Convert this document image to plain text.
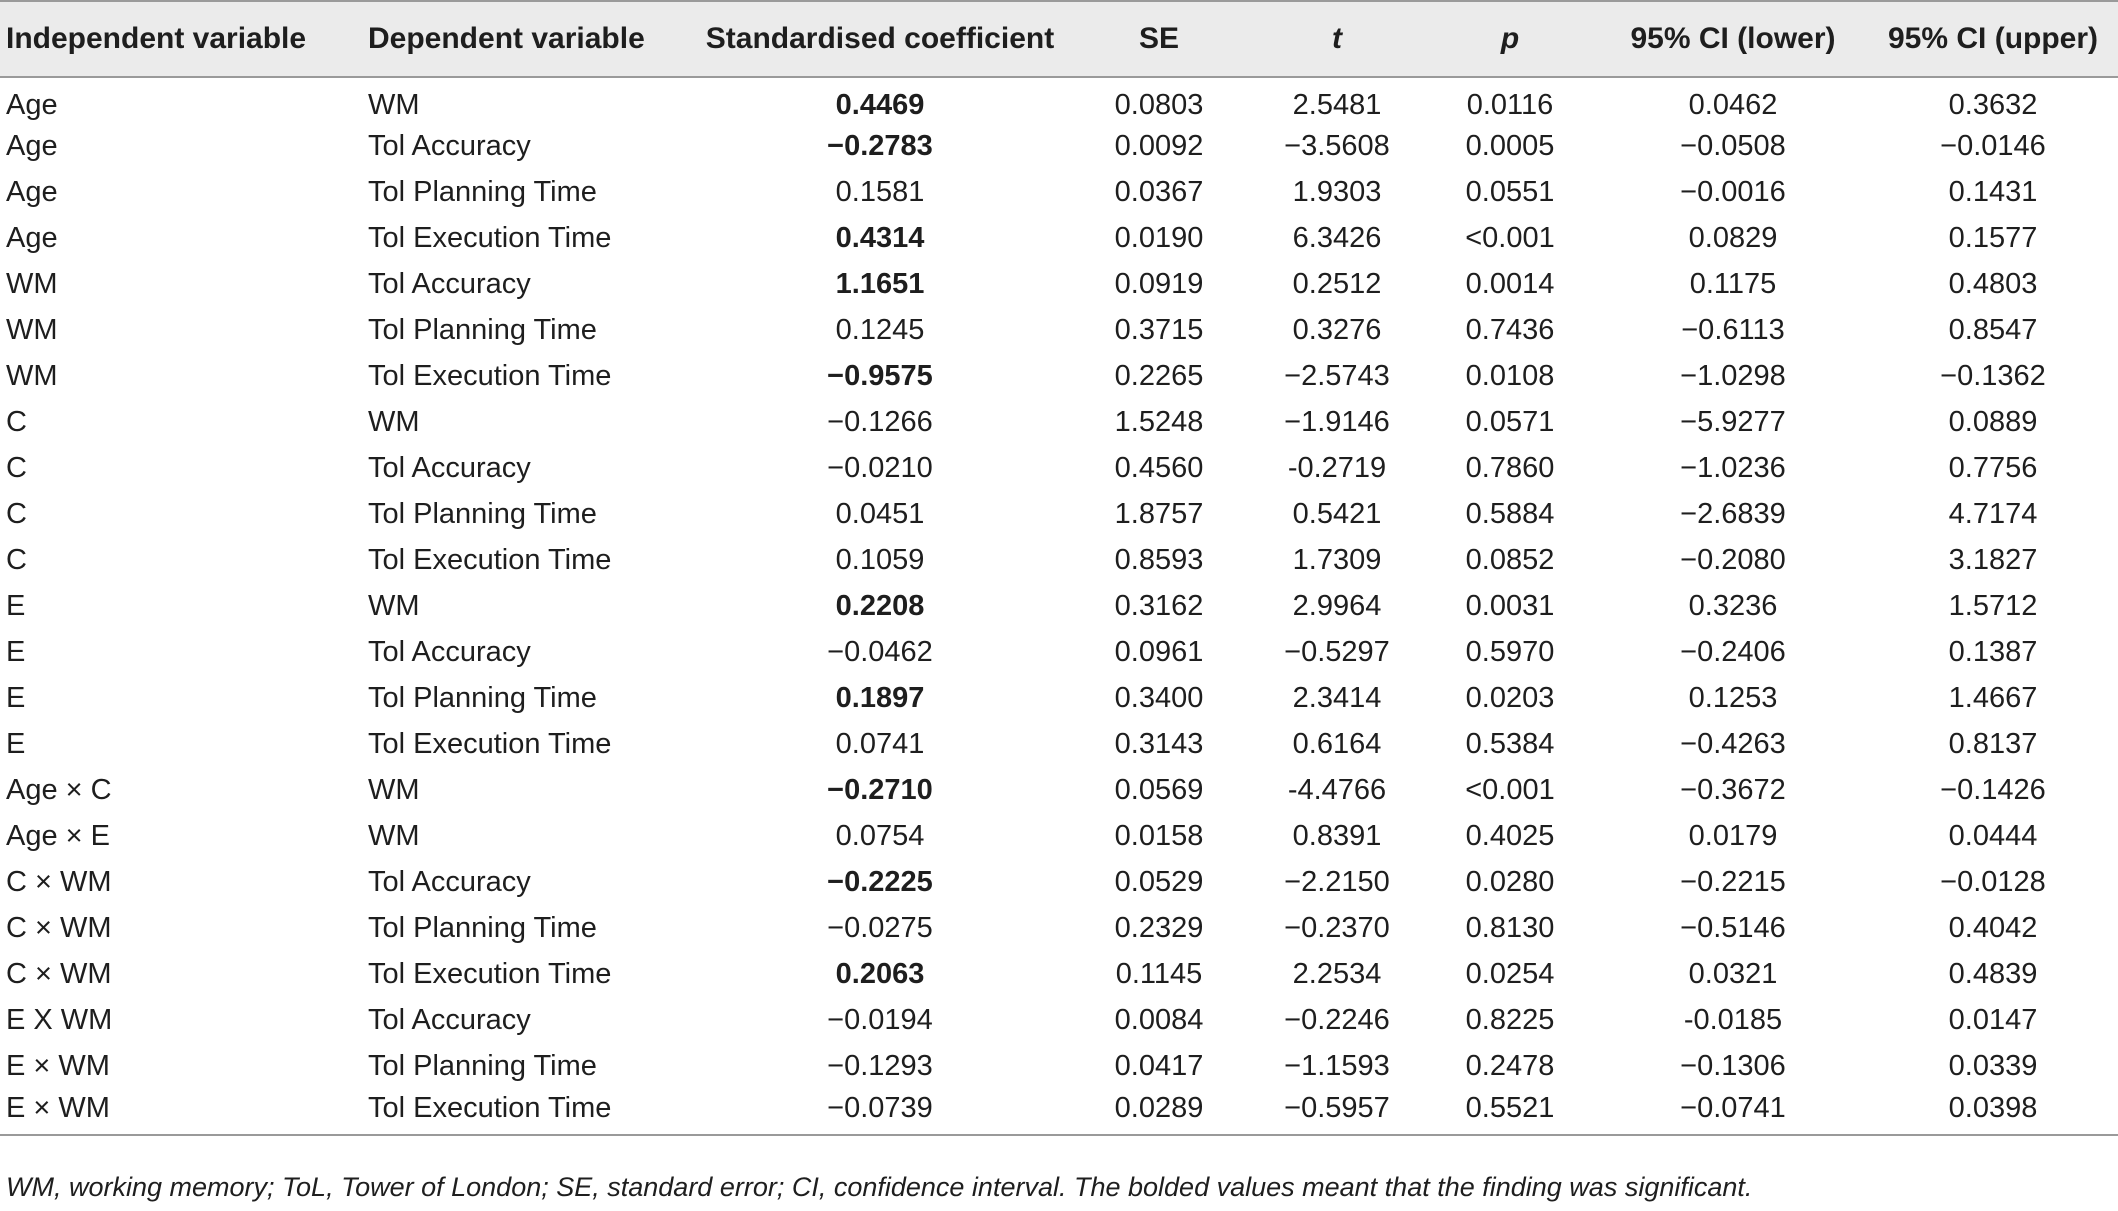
Independent variable	Dependent variable	Standardised coefficient	SE	t	p	95% CI (lower)	95% CI (upper)
Age	WM	0.4469	0.0803	2.5481	0.0116	0.0462	0.3632
Age	Tol Accuracy	−0.2783	0.0092	−3.5608	0.0005	−0.0508	−0.0146
Age	Tol Planning Time	0.1581	0.0367	1.9303	0.0551	−0.0016	0.1431
Age	Tol Execution Time	0.4314	0.0190	6.3426	<0.001	0.0829	0.1577
WM	Tol Accuracy	1.1651	0.0919	0.2512	0.0014	0.1175	0.4803
WM	Tol Planning Time	0.1245	0.3715	0.3276	0.7436	−0.6113	0.8547
WM	Tol Execution Time	−0.9575	0.2265	−2.5743	0.0108	−1.0298	−0.1362
C	WM	−0.1266	1.5248	−1.9146	0.0571	−5.9277	0.0889
C	Tol Accuracy	−0.0210	0.4560	-0.2719	0.7860	−1.0236	0.7756
C	Tol Planning Time	0.0451	1.8757	0.5421	0.5884	−2.6839	4.7174
C	Tol Execution Time	0.1059	0.8593	1.7309	0.0852	−0.2080	3.1827
E	WM	0.2208	0.3162	2.9964	0.0031	0.3236	1.5712
E	Tol Accuracy	−0.0462	0.0961	−0.5297	0.5970	−0.2406	0.1387
E	Tol Planning Time	0.1897	0.3400	2.3414	0.0203	0.1253	1.4667
E	Tol Execution Time	0.0741	0.3143	0.6164	0.5384	−0.4263	0.8137
Age × C	WM	−0.2710	0.0569	-4.4766	<0.001	−0.3672	−0.1426
Age × E	WM	0.0754	0.0158	0.8391	0.4025	0.0179	0.0444
C × WM	Tol Accuracy	−0.2225	0.0529	−2.2150	0.0280	−0.2215	−0.0128
C × WM	Tol Planning Time	−0.0275	0.2329	−0.2370	0.8130	−0.5146	0.4042
C × WM	Tol Execution Time	0.2063	0.1145	2.2534	0.0254	0.0321	0.4839
E X WM	Tol Accuracy	−0.0194	0.0084	−0.2246	0.8225	-0.0185	0.0147
E × WM	Tol Planning Time	−0.1293	0.0417	−1.1593	0.2478	−0.1306	0.0339
E × WM	Tol Execution Time	−0.0739	0.0289	−0.5957	0.5521	−0.0741	0.0398
WM, working memory; ToL, Tower of London; SE, standard error; CI, confidence interval. The bolded values meant that the finding was significant.
